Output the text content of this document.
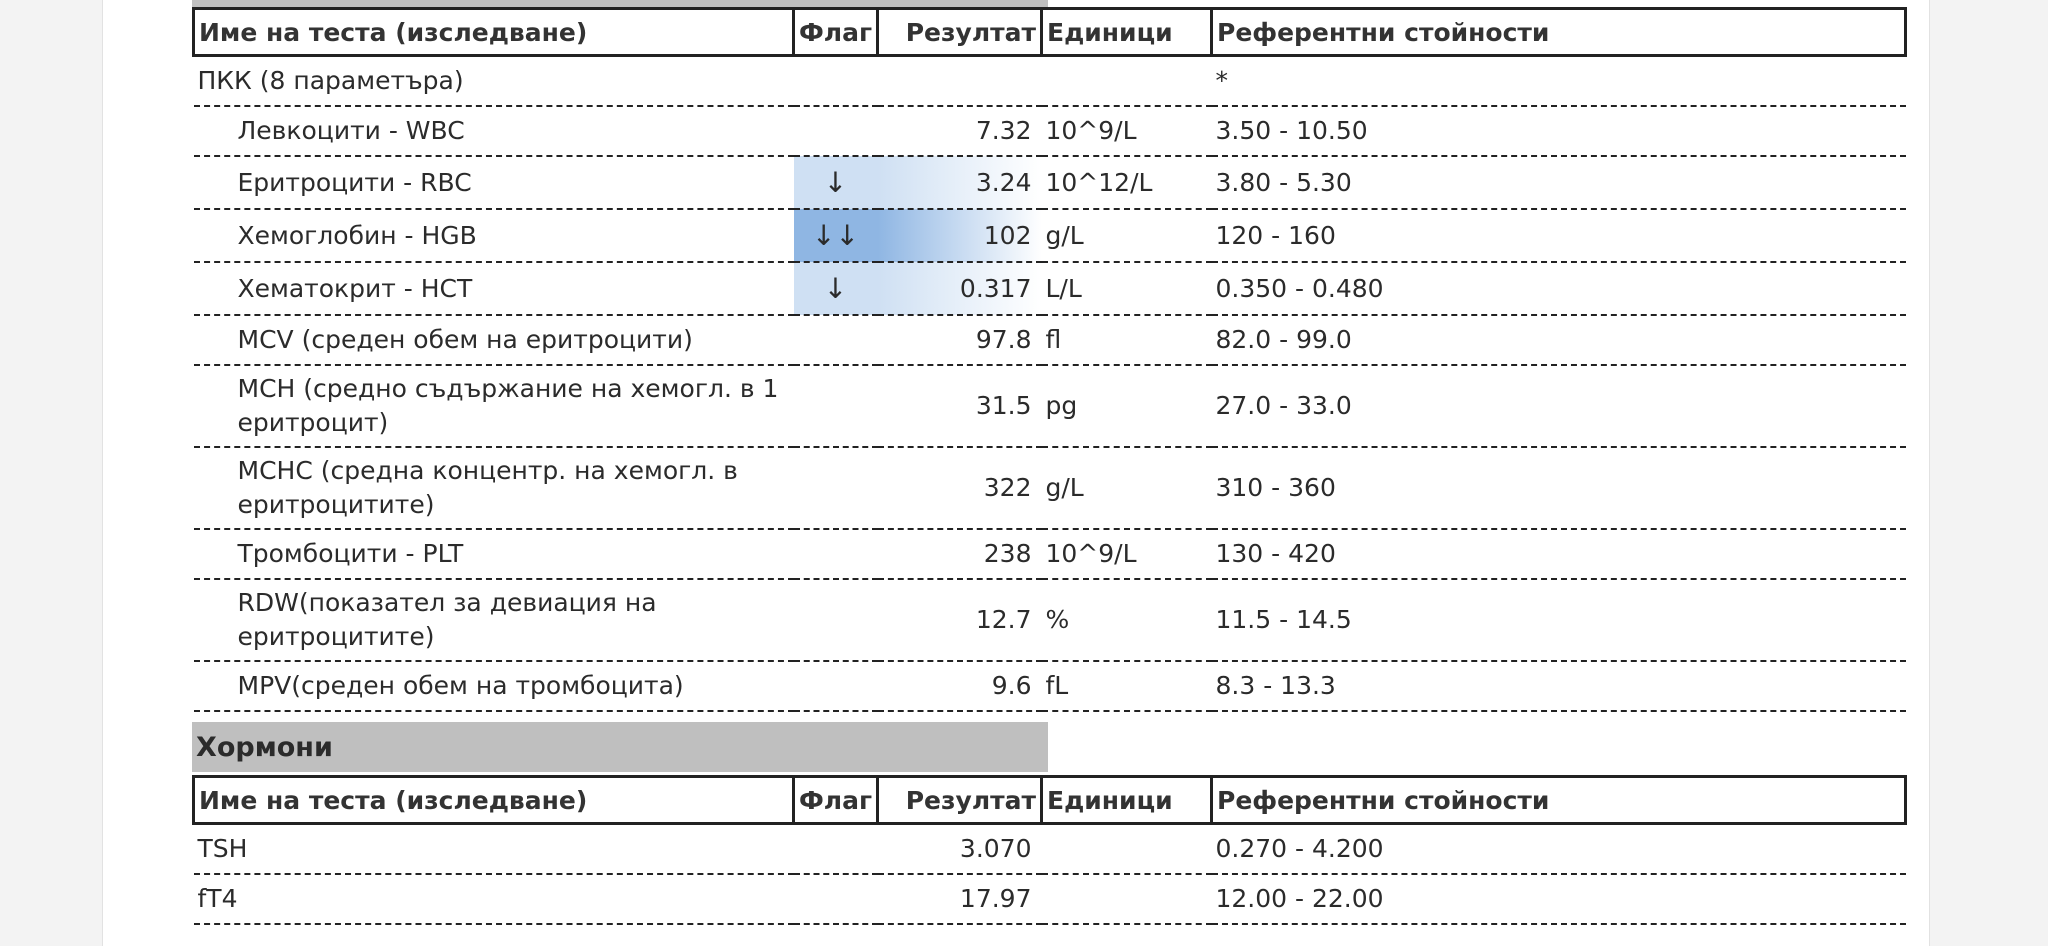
Име на теста (изследване)	Флаг	Резултат	Единици	Референтни стойности
ПКК (8 параметъра)				*
Левкоцити - WBC		7.32	10^9/L	3.50 - 10.50
Еритроцити - RBC	↓	3.24	10^12/L	3.80 - 5.30
Хемоглобин - HGB	↓↓	102	g/L	120 - 160
Хематокрит - HCT	↓	0.317	L/L	0.350 - 0.480
MCV (среден обем на еритроцити)		97.8	fl	82.0 - 99.0
MCH (средно съдържание на хемогл. в 1 еритроцит)		31.5	pg	27.0 - 33.0
MCHC (средна концентр. на хемогл. в еритроцитите)		322	g/L	310 - 360
Тромбоцити - PLT		238	10^9/L	130 - 420
RDW(показател за девиация на еритроцитите)		12.7	%	11.5 - 14.5
MPV(среден обем на тромбоцита)		9.6	fL	8.3 - 13.3
Хормони
Име на теста (изследване)	Флаг	Резултат	Единици	Референтни стойности
TSH		3.070		0.270 - 4.200
fT4		17.97		12.00 - 22.00
